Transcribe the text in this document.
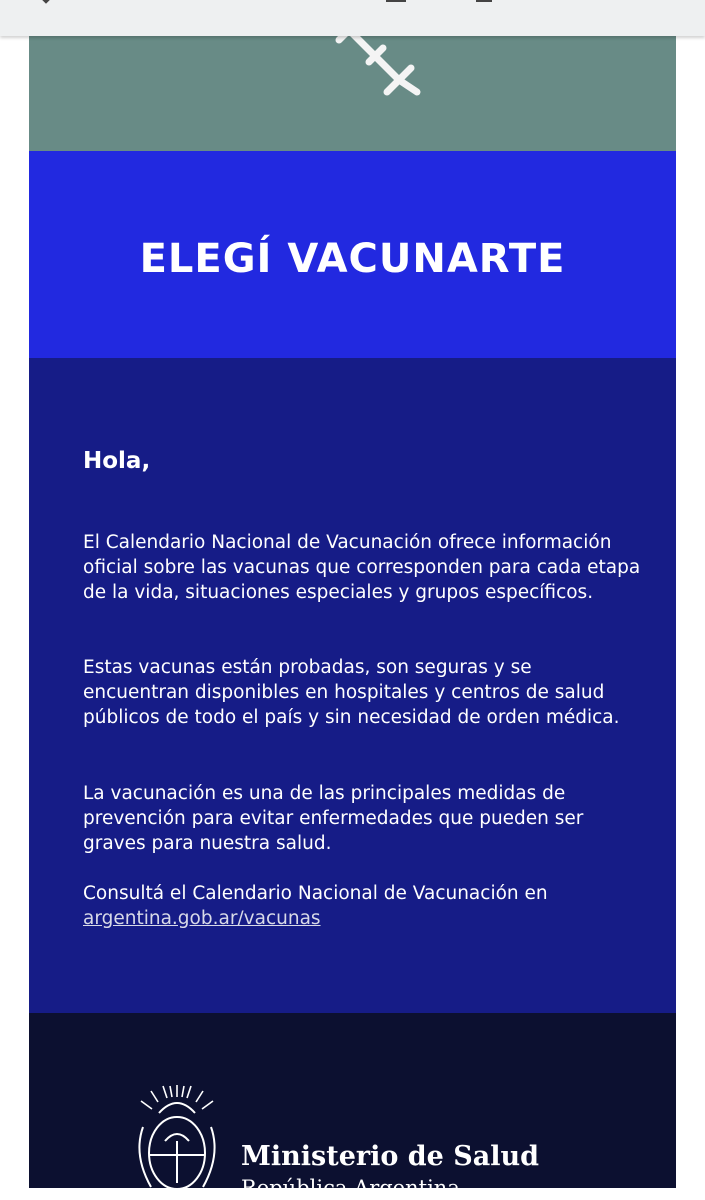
ELEGÍ VACUNARTE
Hola,

El Calendario Nacional de Vacunación ofrece información oficial sobre las vacunas que corresponden para cada etapa de la vida, situaciones especiales y grupos específicos.

Estas vacunas están probadas, son seguras y se encuentran disponibles en hospitales y centros de salud públicos de todo el país y sin necesidad de orden médica.

La vacunación es una de las principales medidas de prevención para evitar enfermedades que pueden ser graves para nuestra salud.

Consultá el Calendario Nacional de Vacunación en argentina.gob.ar/vacunas

Ministerio de Salud
